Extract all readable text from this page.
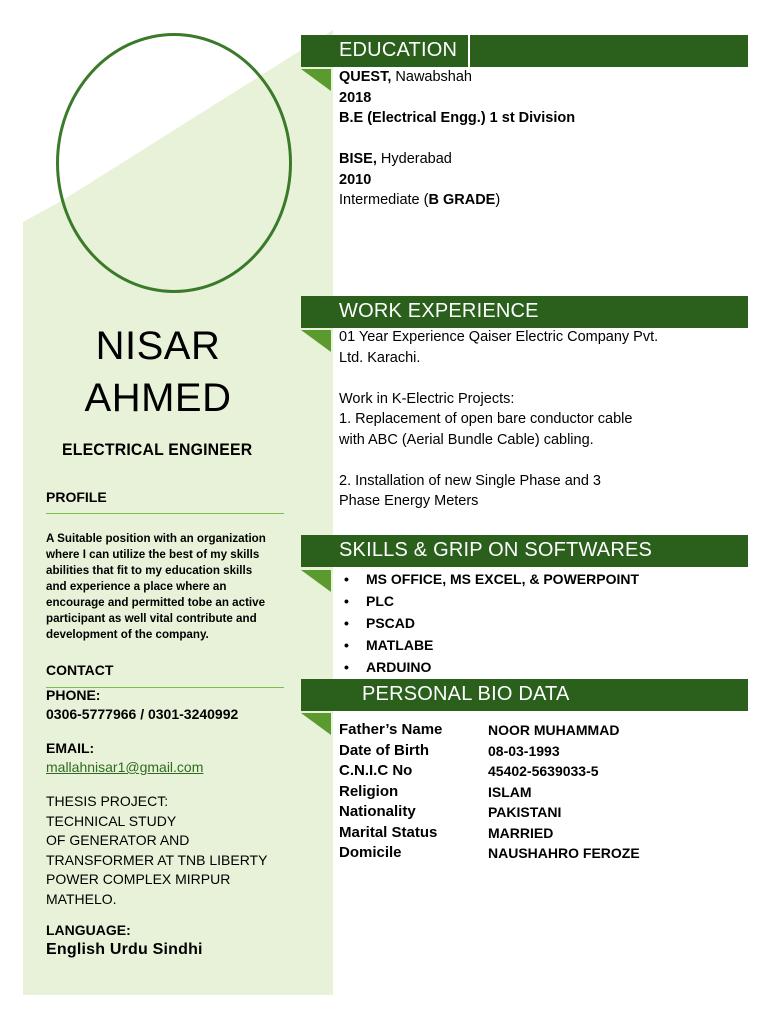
NISAR
AHMED
ELECTRICAL ENGINEER
PROFILE
A Suitable position with an organization
where I can utilize the best of my skills
abilities that fit to my education skills
and experience a place where an
encourage and permitted tobe an active
participant as well vital contribute and
development of the company.
CONTACT
PHONE:
0306-5777966 / 0301-3240992
EMAIL:
mallahnisar1@gmail.com
THESIS PROJECT:
TECHNICAL STUDY
OF GENERATOR AND
TRANSFORMER AT TNB LIBERTY
POWER COMPLEX MIRPUR
MATHELO.
LANGUAGE:
English Urdu Sindhi
EDUCATION
QUEST, Nawabshah
2018
B.E (Electrical Engg.) 1 st Division
BISE, Hyderabad
2010
Intermediate (B GRADE)
WORK EXPERIENCE
01 Year Experience Qaiser Electric Company Pvt.
Ltd. Karachi.
Work in K-Electric Projects:
1. Replacement of open bare conductor cable
with ABC (Aerial Bundle Cable) cabling.
2. Installation of new Single Phase and 3
Phase Energy Meters
SKILLS & GRIP ON SOFTWARES
• MS OFFICE, MS EXCEL, & POWERPOINT
• PLC
• PSCAD
• MATLABE
• ARDUINO
PERSONAL BIO DATA
Father’s Name	NOOR MUHAMMAD
Date of Birth	08-03-1993
C.N.I.C No	45402-5639033-5
Religion	ISLAM
Nationality	PAKISTANI
Marital Status	MARRIED
Domicile	NAUSHAHRO FEROZE
